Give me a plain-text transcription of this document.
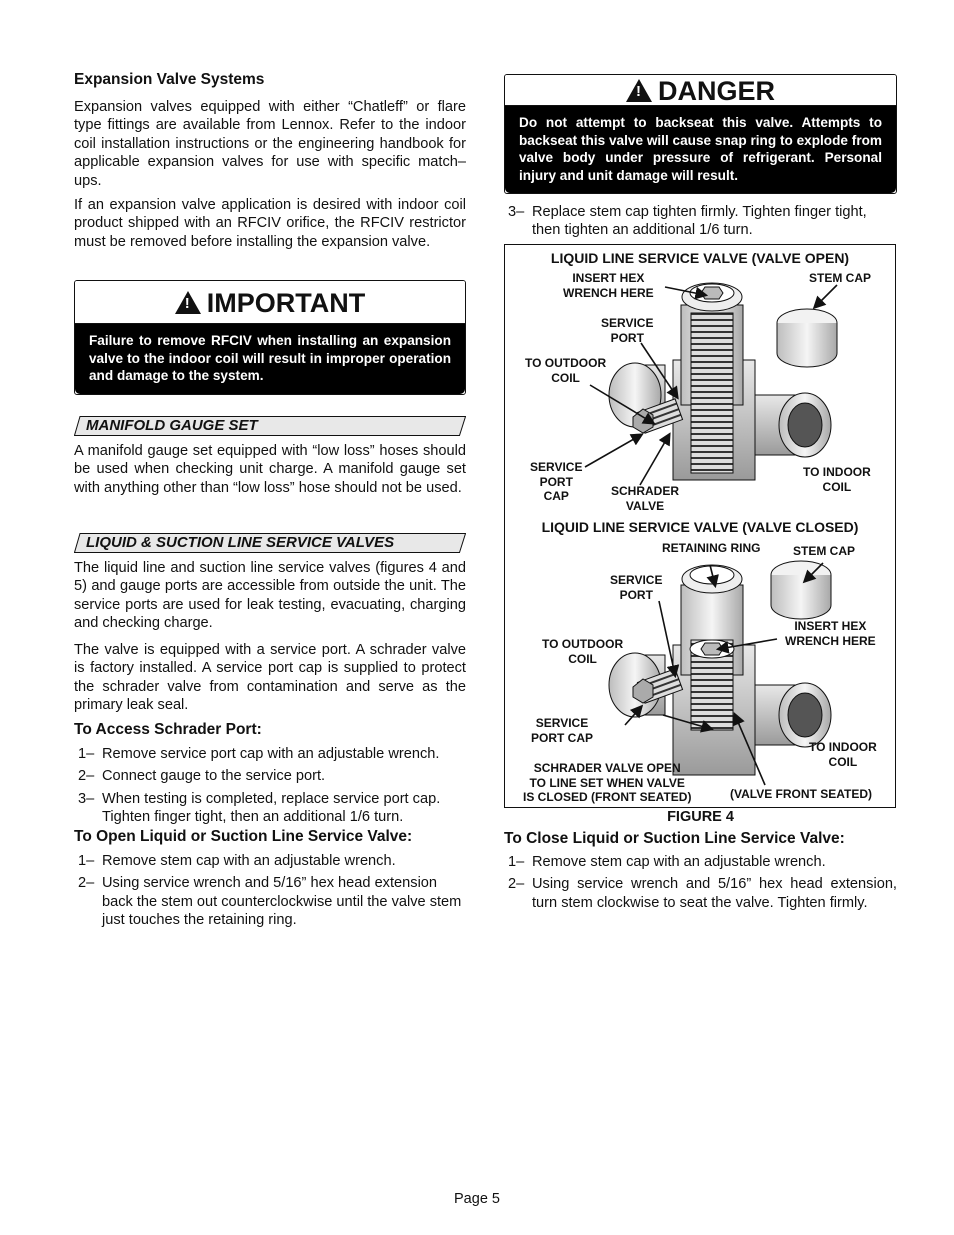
Expansion Valve Systems

Expansion valves equipped with either “Chatleff” or flare type fittings are available from Lennox. Refer to the indoor coil installation instructions or the engineering handbook for applicable expansion valves for use with specific match–ups.

If an expansion valve application is desired with indoor coil product shipped with an RFCIV orifice, the RFCIV restrictor must be removed before installing the expansion valve.

! IMPORTANT
Failure to remove RFCIV when installing an expansion valve to the indoor coil will result in improper operation and damage to the system.
MANIFOLD GAUGE SET

A manifold gauge set equipped with “low loss” hoses should be used when checking unit charge. A manifold gauge set with anything other than “low loss” hose should not be used.

LIQUID & SUCTION LINE SERVICE VALVES

The liquid line and suction line service valves (figures 4 and 5) and gauge ports are accessible from outside the unit. The service ports are used for leak testing, evacuating, charging and checking charge.

The valve is equipped with a service port. A schrader valve is factory installed. A service port cap is supplied to protect the schrader valve from contamination and serve as the primary leak seal.

To Access Schrader Port:
1– Remove service port cap with an adjustable wrench.
2– Connect gauge to the service port.
3– When testing is completed, replace service port cap. Tighten finger tight, then an additional 1/6 turn.
To Open Liquid or Suction Line Service Valve:
1– Remove stem cap with an adjustable wrench.
2– Using service wrench and 5/16” hex head extension back the stem out counterclockwise until the valve stem just touches the retaining ring.
! DANGER
Do not attempt to backseat this valve. Attempts to backseat this valve will cause snap ring to explode from valve body under pressure of refrigerant. Personal injury and unit damage will result.
3– Replace stem cap tighten firmly. Tighten finger tight, then tighten an additional 1/6 turn.
LIQUID LINE SERVICE VALVE (VALVE OPEN)
INSERT HEX
WRENCH HERE
STEM CAP
SERVICE
PORT
TO OUTDOOR
COIL
SERVICE
PORT
CAP	SCHRADER
VALVE
TO INDOOR
COIL
LIQUID LINE SERVICE VALVE (VALVE CLOSED)
RETAINING RING	STEM CAP
SERVICE
PORT
INSERT HEX
WRENCH HERE
TO OUTDOOR
COIL
SERVICE
PORT CAP
TO INDOOR
COIL
SCHRADER VALVE OPEN
TO LINE SET WHEN VALVE
IS CLOSED (FRONT SEATED)	(VALVE FRONT SEATED)
FIGURE 4
To Close Liquid or Suction Line Service Valve:
1– Remove stem cap with an adjustable wrench.
2– Using service wrench and 5/16” hex head extension, turn stem clockwise to seat the valve. Tighten firmly.
Page 5
